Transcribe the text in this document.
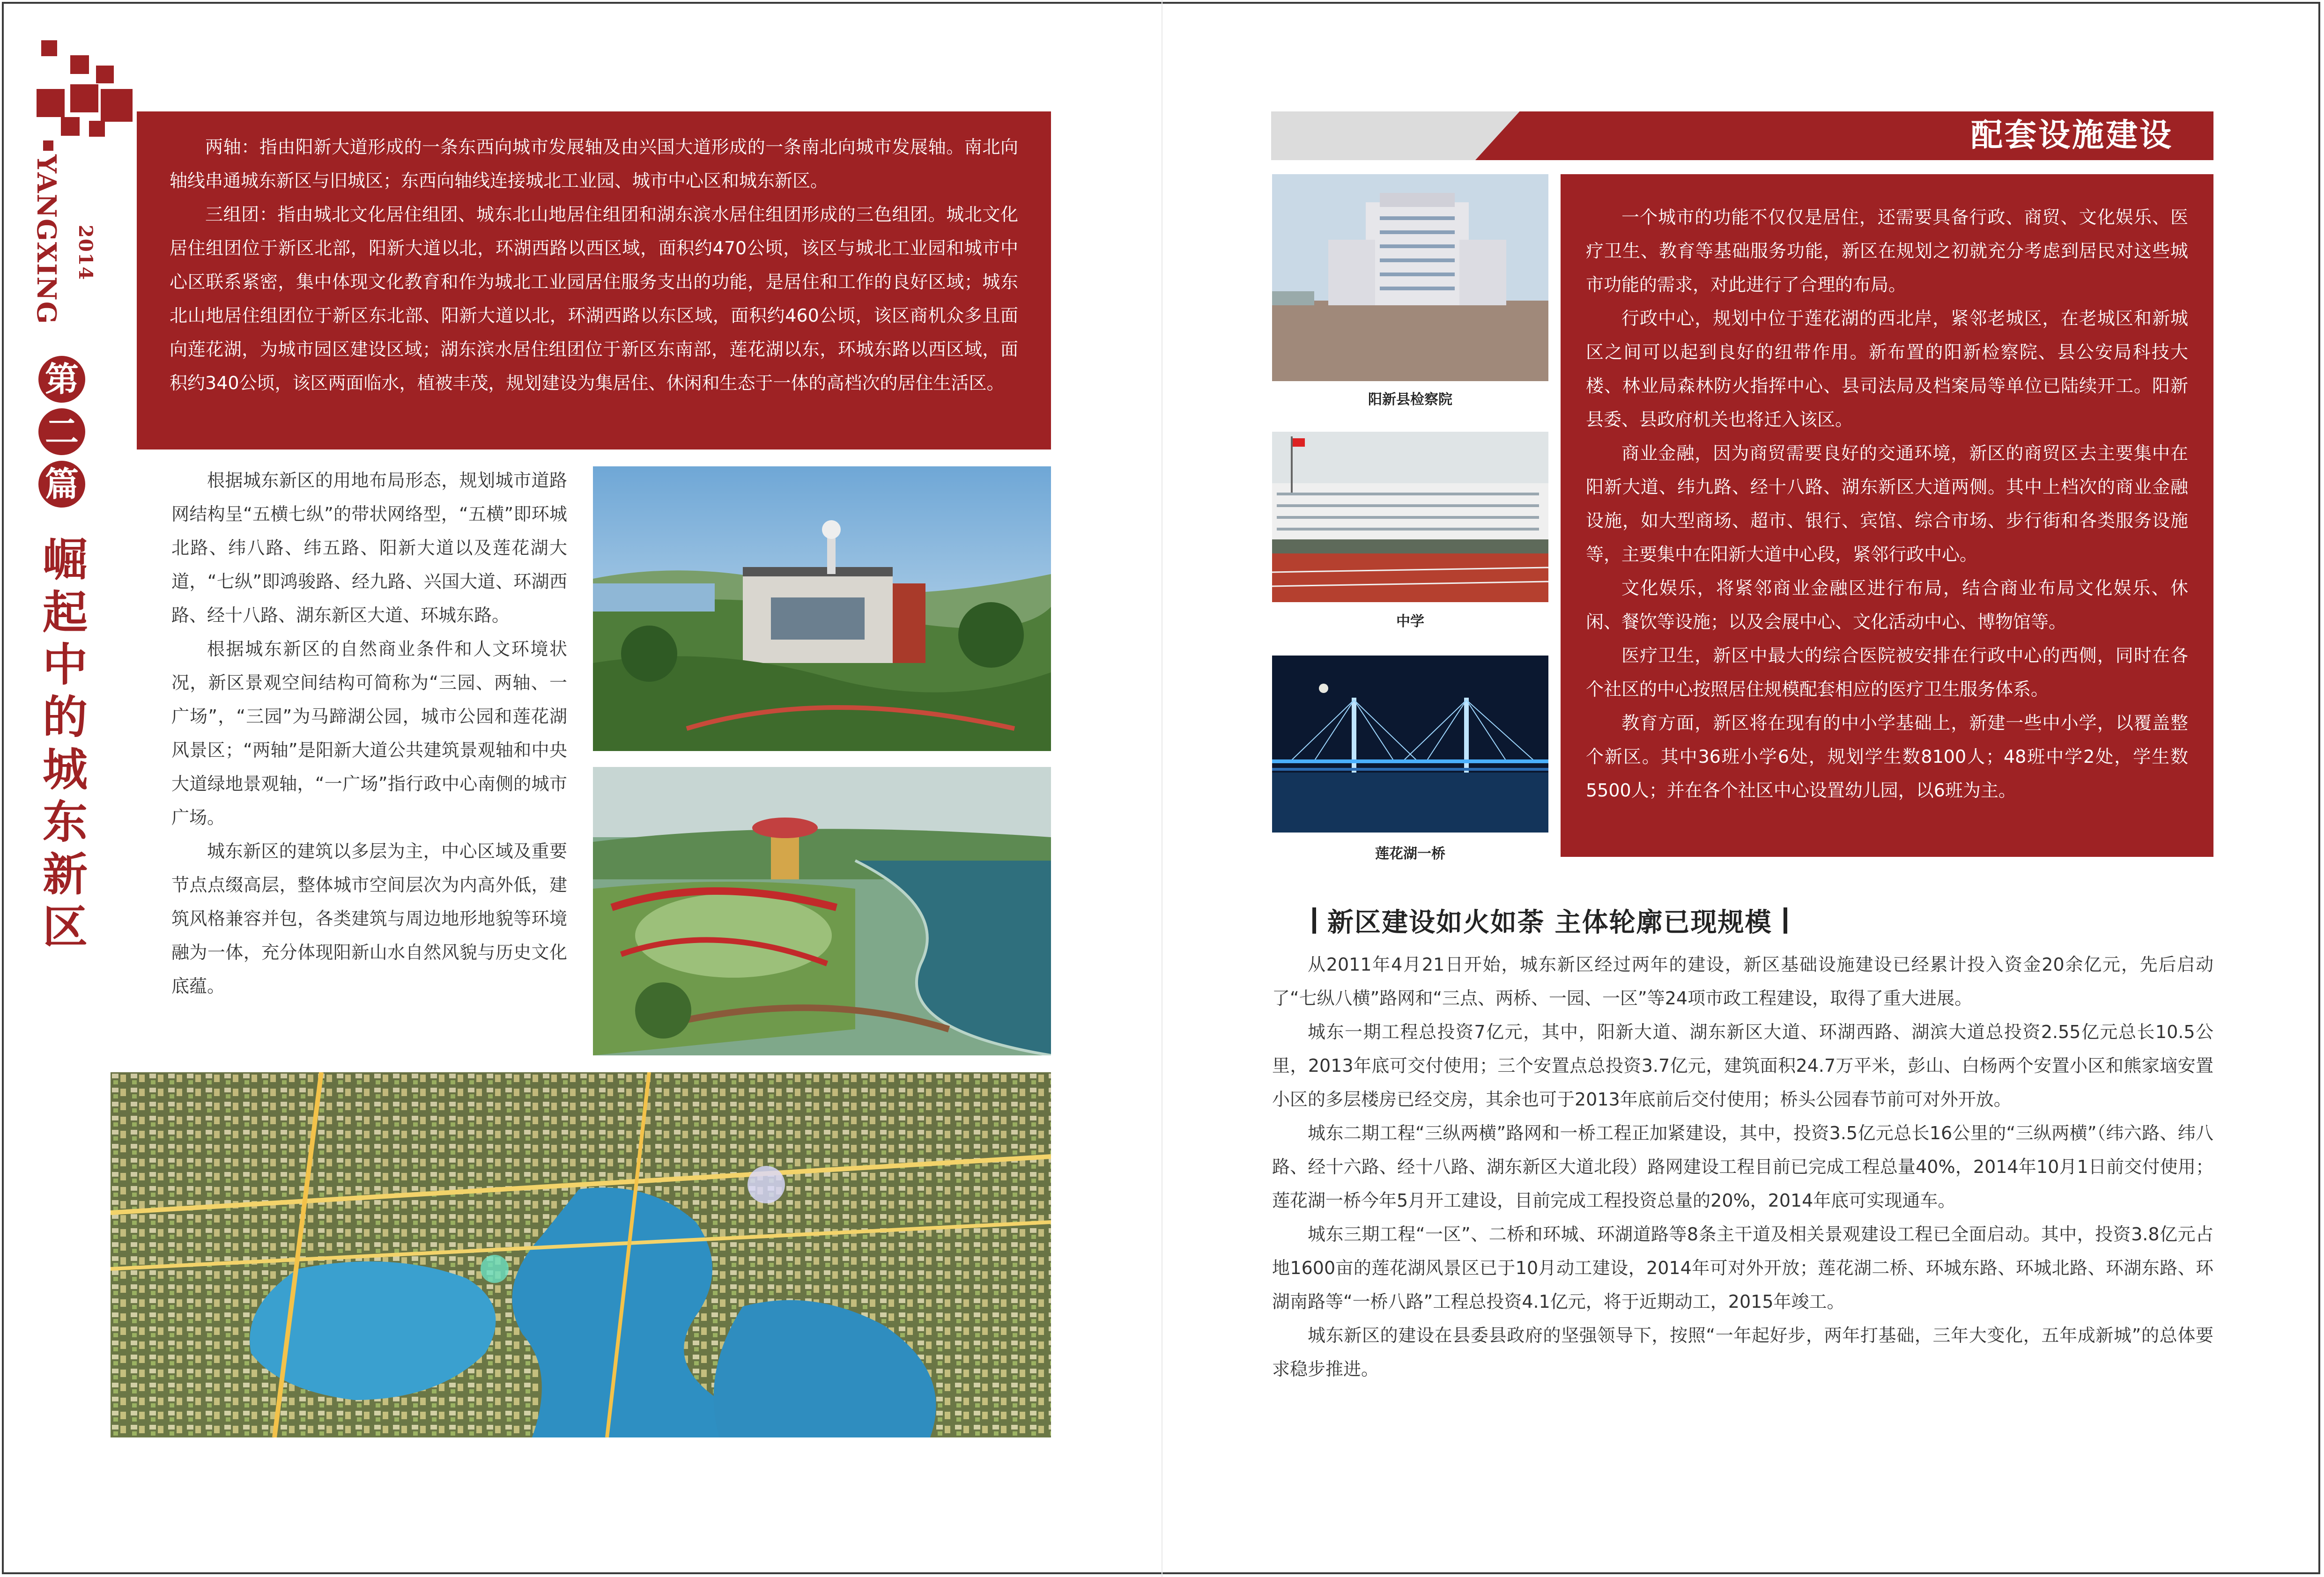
YANGXING 2014
第
二
篇
崛
起
中
的
城
东
新
区

两轴：指由阳新大道形成的一条东西向城市发展轴及由兴国大道形成的一条南北向城市发展轴。南北向轴线串通城东新区与旧城区；东西向轴线连接城北工业园、城市中心区和城东新区。

三组团：指由城北文化居住组团、城东北山地居住组团和湖东滨水居住组团形成的三色组团。城北文化居住组团位于新区北部，阳新大道以北，环湖西路以西区域，面积约470公顷，该区与城北工业园和城市中心区联系紧密，集中体现文化教育和作为城北工业园居住服务支出的功能，是居住和工作的良好区域；城东北山地居住组团位于新区东北部、阳新大道以北，环湖西路以东区域，面积约460公顷，该区商机众多且面向莲花湖，为城市园区建设区域；湖东滨水居住组团位于新区东南部，莲花湖以东，环城东路以西区域，面积约340公顷，该区两面临水，植被丰茂，规划建设为集居住、休闲和生态于一体的高档次的居住生活区。

根据城东新区的用地布局形态，规划城市道路网结构呈“五横七纵”的带状网络型，“五横”即环城北路、纬八路、纬五路、阳新大道以及莲花湖大道，“七纵”即鸿骏路、经九路、兴国大道、环湖西路、经十八路、湖东新区大道、环城东路。

根据城东新区的自然商业条件和人文环境状况，新区景观空间结构可简称为“三园、两轴、一广场”，“三园”为马蹄湖公园，城市公园和莲花湖风景区；“两轴”是阳新大道公共建筑景观轴和中央大道绿地景观轴，“一广场”指行政中心南侧的城市广场。

城东新区的建筑以多层为主，中心区域及重要节点点缀高层，整体城市空间层次为内高外低，建筑风格兼容并包，各类建筑与周边地形地貌等环境融为一体，充分体现阳新山水自然风貌与历史文化底蕴。

配套设施建设
阳新县检察院
中学
莲花湖一桥

一个城市的功能不仅仅是居住，还需要具备行政、商贸、文化娱乐、医疗卫生、教育等基础服务功能，新区在规划之初就充分考虑到居民对这些城市功能的需求，对此进行了合理的布局。

行政中心，规划中位于莲花湖的西北岸，紧邻老城区，在老城区和新城区之间可以起到良好的纽带作用。新布置的阳新检察院、县公安局科技大楼、林业局森林防火指挥中心、县司法局及档案局等单位已陆续开工。阳新县委、县政府机关也将迁入该区。

商业金融，因为商贸需要良好的交通环境，新区的商贸区去主要集中在阳新大道、纬九路、经十八路、湖东新区大道两侧。其中上档次的商业金融设施，如大型商场、超市、银行、宾馆、综合市场、步行街和各类服务设施等，主要集中在阳新大道中心段，紧邻行政中心。

文化娱乐，将紧邻商业金融区进行布局，结合商业布局文化娱乐、休闲、餐饮等设施；以及会展中心、文化活动中心、博物馆等。

医疗卫生，新区中最大的综合医院被安排在行政中心的西侧，同时在各个社区的中心按照居住规模配套相应的医疗卫生服务体系。

教育方面，新区将在现有的中小学基础上，新建一些中小学，以覆盖整个新区。其中36班小学6处，规划学生数8100人；48班中学2处，学生数5500人；并在各个社区中心设置幼儿园，以6班为主。

新区建设如火如荼 主体轮廓已现规模

从2011年4月21日开始，城东新区经过两年的建设，新区基础设施建设已经累计投入资金20余亿元，先后启动了“七纵八横”路网和“三点、两桥、一园、一区”等24项市政工程建设，取得了重大进展。

城东一期工程总投资7亿元，其中，阳新大道、湖东新区大道、环湖西路、湖滨大道总投资2.55亿元总长10.5公里，2013年底可交付使用；三个安置点总投资3.7亿元，建筑面积24.7万平米，彭山、白杨两个安置小区和熊家垴安置小区的多层楼房已经交房，其余也可于2013年底前后交付使用；桥头公园春节前可对外开放。

城东二期工程“三纵两横”路网和一桥工程正加紧建设，其中，投资3.5亿元总长16公里的“三纵两横”（纬六路、纬八路、经十六路、经十八路、湖东新区大道北段）路网建设工程目前已完成工程总量40%，2014年10月1日前交付使用；莲花湖一桥今年5月开工建设，目前完成工程投资总量的20%，2014年底可实现通车。

城东三期工程“一区”、二桥和环城、环湖道路等8条主干道及相关景观建设工程已全面启动。其中，投资3.8亿元占地1600亩的莲花湖风景区已于10月动工建设，2014年可对外开放；莲花湖二桥、环城东路、环城北路、环湖东路、环湖南路等“一桥八路”工程总投资4.1亿元，将于近期动工，2015年竣工。

城东新区的建设在县委县政府的坚强领导下，按照“一年起好步，两年打基础，三年大变化，五年成新城”的总体要求稳步推进。
